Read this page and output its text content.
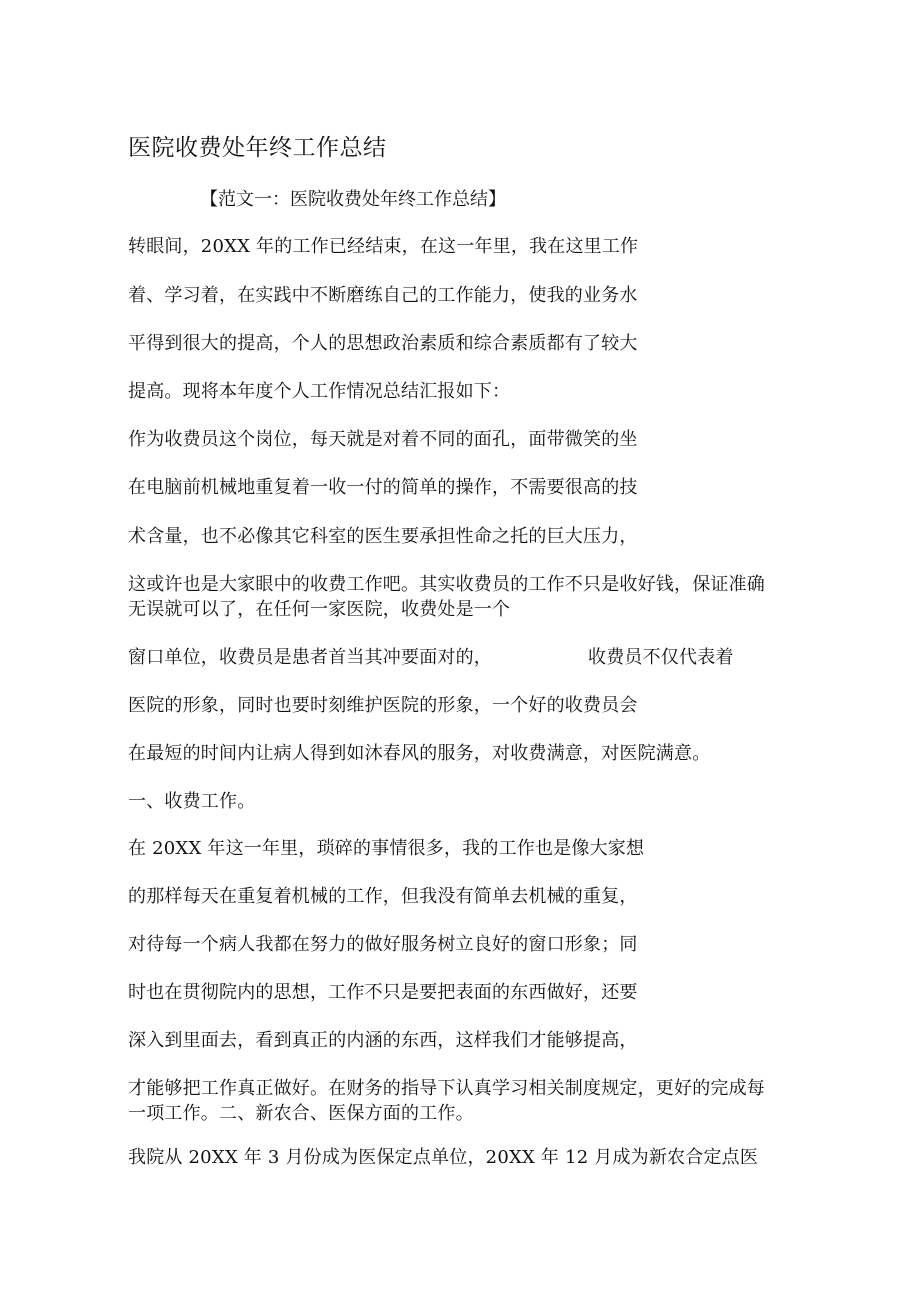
医院收费处年终工作总结
【范文一：医院收费处年终工作总结】
转眼间，20XX 年的工作已经结束，在这一年里，我在这里工作
着、学习着，在实践中不断磨练自己的工作能力，使我的业务水
平得到很大的提高，个人的思想政治素质和综合素质都有了较大
提高。现将本年度个人工作情况总结汇报如下：
作为收费员这个岗位，每天就是对着不同的面孔，面带微笑的坐
在电脑前机械地重复着一收一付的简单的操作，不需要很高的技
术含量，也不必像其它科室的医生要承担性命之托的巨大压力，
这或许也是大家眼中的收费工作吧。其实收费员的工作不只是收好钱，保证准确
无误就可以了，在任何一家医院，收费处是一个
窗口单位，收费员是患者首当其冲要面对的，	收费员不仅代表着
医院的形象，同时也要时刻维护医院的形象，一个好的收费员会
在最短的时间内让病人得到如沐春风的服务，对收费满意，对医院满意。
一、收费工作。
在 20XX 年这一年里，琐碎的事情很多，我的工作也是像大家想
的那样每天在重复着机械的工作，但我没有简单去机械的重复，
对待每一个病人我都在努力的做好服务树立良好的窗口形象；同
时也在贯彻院内的思想，工作不只是要把表面的东西做好，还要
深入到里面去，看到真正的内涵的东西，这样我们才能够提高，
才能够把工作真正做好。在财务的指导下认真学习相关制度规定，更好的完成每
一项工作。二、新农合、医保方面的工作。
我院从 20XX 年 3 月份成为医保定点单位，20XX 年 12 月成为新农合定点医
